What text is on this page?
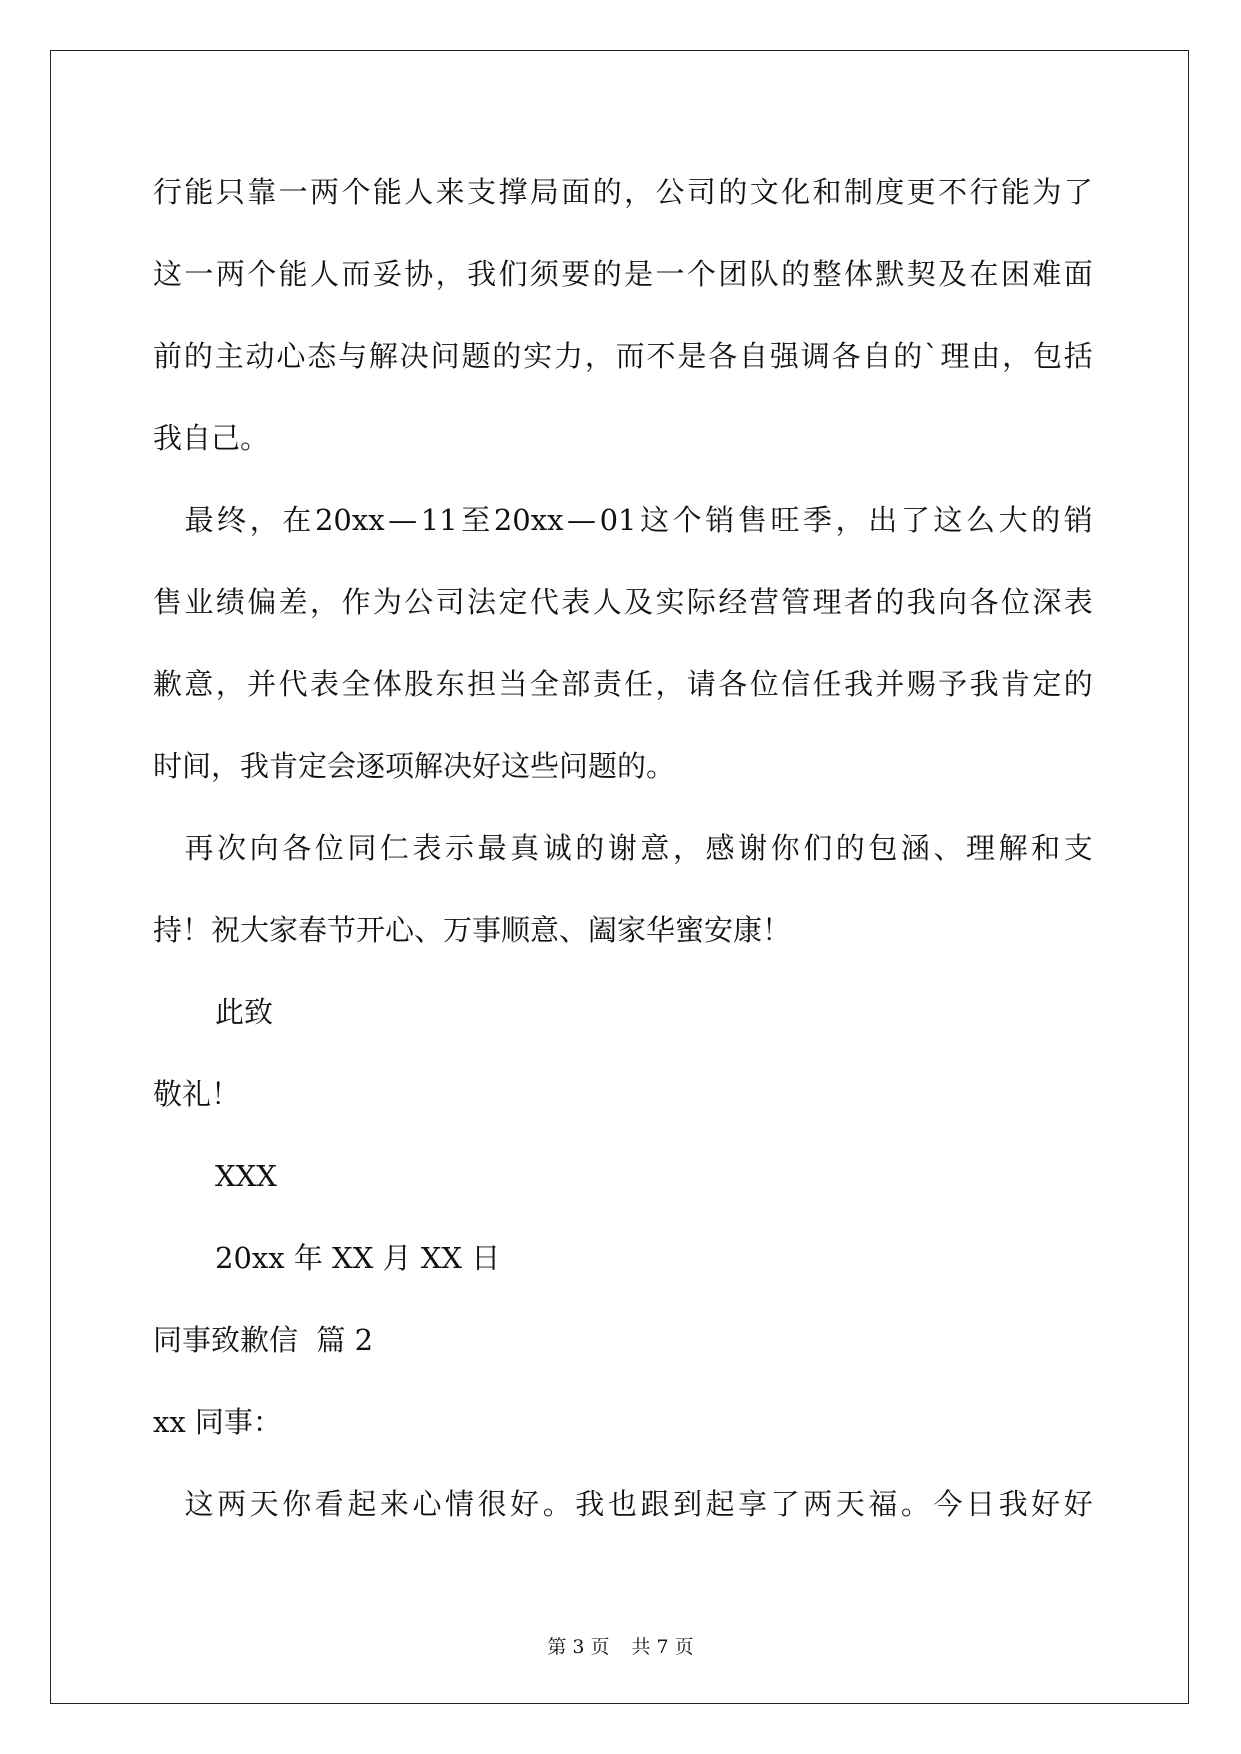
行 能 只 靠 一 两 个 能 人 来 支 撑 局 面 的 ， 公 司 的 文 化 和 制 度 更 不 行 能 为 了
这 一 两 个 能 人 而 妥 协 ， 我 们 须 要 的 是 一 个 团 队 的 整 体 默 契 及 在 困 难 面
前 的 主 动 心 态 与 解 决 问 题 的 实 力 ， 而 不 是 各 自 强 调 各 自 的 ` 理 由 ， 包 括
我自己。
最 终 ， 在 20xx — 11 至 20xx — 01 这 个 销 售 旺 季 ， 出 了 这 么 大 的 销
售 业 绩 偏 差 ， 作 为 公 司 法 定 代 表 人 及 实 际 经 营 管 理 者 的 我 向 各 位 深 表
歉 意 ， 并 代 表 全 体 股 东 担 当 全 部 责 任 ， 请 各 位 信 任 我 并 赐 予 我 肯 定 的
时间，我肯定会逐项解决好这些问题的。
再 次 向 各 位 同 仁 表 示 最 真 诚 的 谢 意 ， 感 谢 你 们 的 包 涵 、 理 解 和 支
持！祝大家春节开心、万事顺意、阖家华蜜安康！
此致
敬礼！
XXX
20xx 年 XX 月 XX 日
同事致歉信  篇 2
xx 同事：
这 两 天 你 看 起 来 心 情 很 好 。 我 也 跟 到 起 享 了 两 天 福 。 今 日 我 好 好
第 3 页 共 7 页
